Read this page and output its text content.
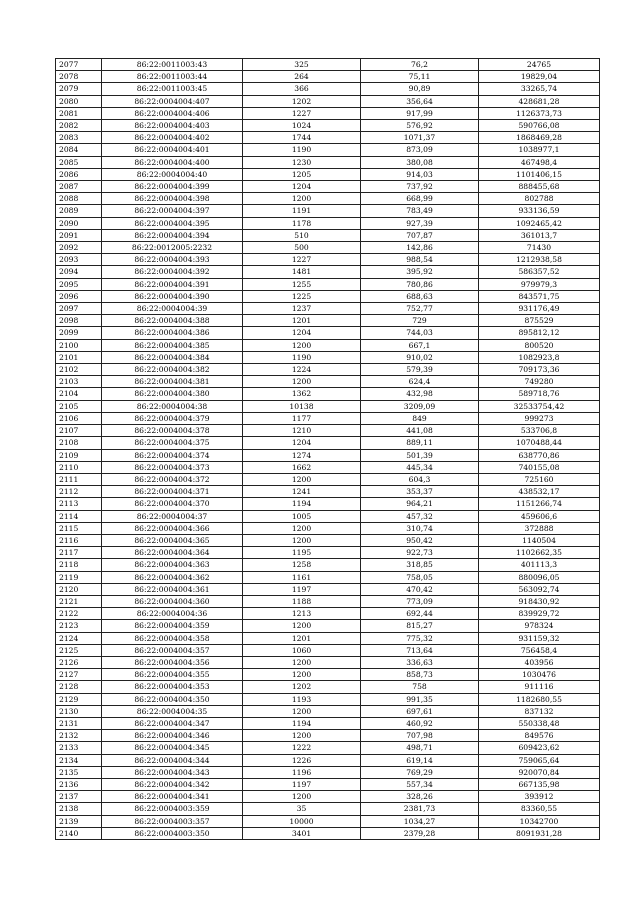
2077	86:22:0011003:43	325	76,2	24765
2078	86:22:0011003:44	264	75,11	19829,04
2079	86:22:0011003:45	366	90,89	33265,74
2080	86:22:0004004:407	1202	356,64	428681,28
2081	86:22:0004004:406	1227	917,99	1126373,73
2082	86:22:0004004:403	1024	576,92	590766,08
2083	86:22:0004004:402	1744	1071,37	1868469,28
2084	86:22:0004004:401	1190	873,09	1038977,1
2085	86:22:0004004:400	1230	380,08	467498,4
2086	86:22:0004004:40	1205	914,03	1101406,15
2087	86:22:0004004:399	1204	737,92	888455,68
2088	86:22:0004004:398	1200	668,99	802788
2089	86:22:0004004:397	1191	783,49	933136,59
2090	86:22:0004004:395	1178	927,39	1092465,42
2091	86:22:0004004:394	510	707,87	361013,7
2092	86:22:0012005:2232	500	142,86	71430
2093	86:22:0004004:393	1227	988,54	1212938,58
2094	86:22:0004004:392	1481	395,92	586357,52
2095	86:22:0004004:391	1255	780,86	979979,3
2096	86:22:0004004:390	1225	688,63	843571,75
2097	86:22:0004004:39	1237	752,77	931176,49
2098	86:22:0004004:388	1201	729	875529
2099	86:22:0004004:386	1204	744,03	895812,12
2100	86:22:0004004:385	1200	667,1	800520
2101	86:22:0004004:384	1190	910,02	1082923,8
2102	86:22:0004004:382	1224	579,39	709173,36
2103	86:22:0004004:381	1200	624,4	749280
2104	86:22:0004004:380	1362	432,98	589718,76
2105	86:22:0004004:38	10138	3209,09	32533754,42
2106	86:22:0004004:379	1177	849	999273
2107	86:22:0004004:378	1210	441,08	533706,8
2108	86:22:0004004:375	1204	889,11	1070488,44
2109	86:22:0004004:374	1274	501,39	638770,86
2110	86:22:0004004:373	1662	445,34	740155,08
2111	86:22:0004004:372	1200	604,3	725160
2112	86:22:0004004:371	1241	353,37	438532,17
2113	86:22:0004004:370	1194	964,21	1151266,74
2114	86:22:0004004:37	1005	457,32	459606,6
2115	86:22:0004004:366	1200	310,74	372888
2116	86:22:0004004:365	1200	950,42	1140504
2117	86:22:0004004:364	1195	922,73	1102662,35
2118	86:22:0004004:363	1258	318,85	401113,3
2119	86:22:0004004:362	1161	758,05	880096,05
2120	86:22:0004004:361	1197	470,42	563092,74
2121	86:22:0004004:360	1188	773,09	918430,92
2122	86:22:0004004:36	1213	692,44	839929,72
2123	86:22:0004004:359	1200	815,27	978324
2124	86:22:0004004:358	1201	775,32	931159,32
2125	86:22:0004004:357	1060	713,64	756458,4
2126	86:22:0004004:356	1200	336,63	403956
2127	86:22:0004004:355	1200	858,73	1030476
2128	86:22:0004004:353	1202	758	911116
2129	86:22:0004004:350	1193	991,35	1182680,55
2130	86:22:0004004:35	1200	697,61	837132
2131	86:22:0004004:347	1194	460,92	550338,48
2132	86:22:0004004:346	1200	707,98	849576
2133	86:22:0004004:345	1222	498,71	609423,62
2134	86:22:0004004:344	1226	619,14	759065,64
2135	86:22:0004004:343	1196	769,29	920070,84
2136	86:22:0004004:342	1197	557,34	667135,98
2137	86:22:0004004:341	1200	328,26	393912
2138	86:22:0004003:359	35	2381,73	83360,55
2139	86:22:0004003:357	10000	1034,27	10342700
2140	86:22:0004003:350	3401	2379,28	8091931,28
